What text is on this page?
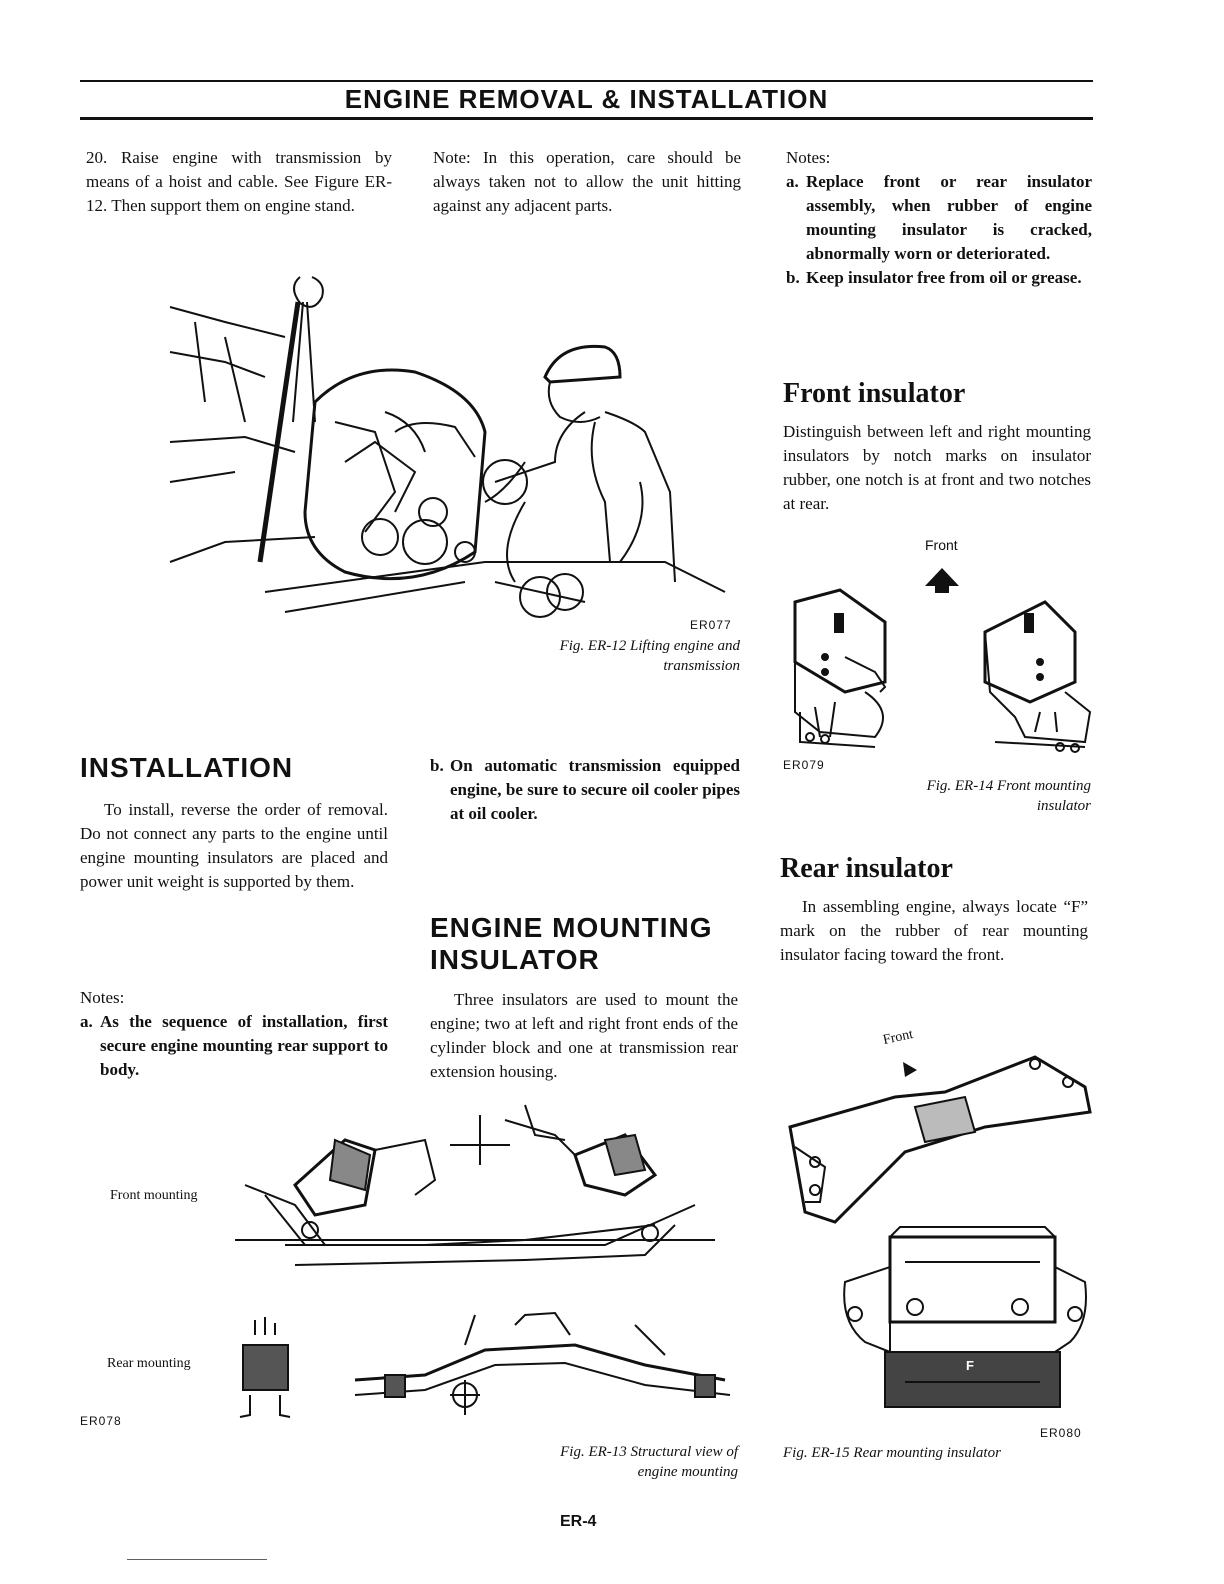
ENGINE REMOVAL & INSTALLATION
20. Raise engine with transmission by means of a hoist and cable. See Figure ER-12. Then support them on engine stand.
Note: In this operation, care should be always taken not to allow the unit hitting against any adjacent parts.
Notes:
a. Replace front or rear insulator assembly, when rubber of engine mounting insulator is cracked, abnormally worn or deteriorated.
b. Keep insulator free from oil or grease.
ER077
Fig. ER-12 Lifting engine and
transmission
Front insulator
Distinguish between left and right mounting insulators by notch marks on insulator rubber, one notch is at front and two notches at rear.
Front
ER079
Fig. ER-14 Front mounting
insulator
INSTALLATION
To install, reverse the order of removal. Do not connect any parts to the engine until engine mounting insulators are placed and power unit weight is supported by them.
Notes:
a. As the sequence of installation, first secure engine mounting rear support to body.
b. On automatic transmission equipped engine, be sure to secure oil cooler pipes at oil cooler.
ENGINE MOUNTING
INSULATOR
Three insulators are used to mount the engine; two at left and right front ends of the cylinder block and one at transmission rear extension housing.
Rear insulator
In assembling engine, always locate “F” mark on the rubber of rear mounting insulator facing toward the front.
Front mounting
Rear mounting
ER078
Fig. ER-13 Structural view of
engine mounting
Front
F
ER080
Fig. ER-15 Rear mounting insulator
ER-4
